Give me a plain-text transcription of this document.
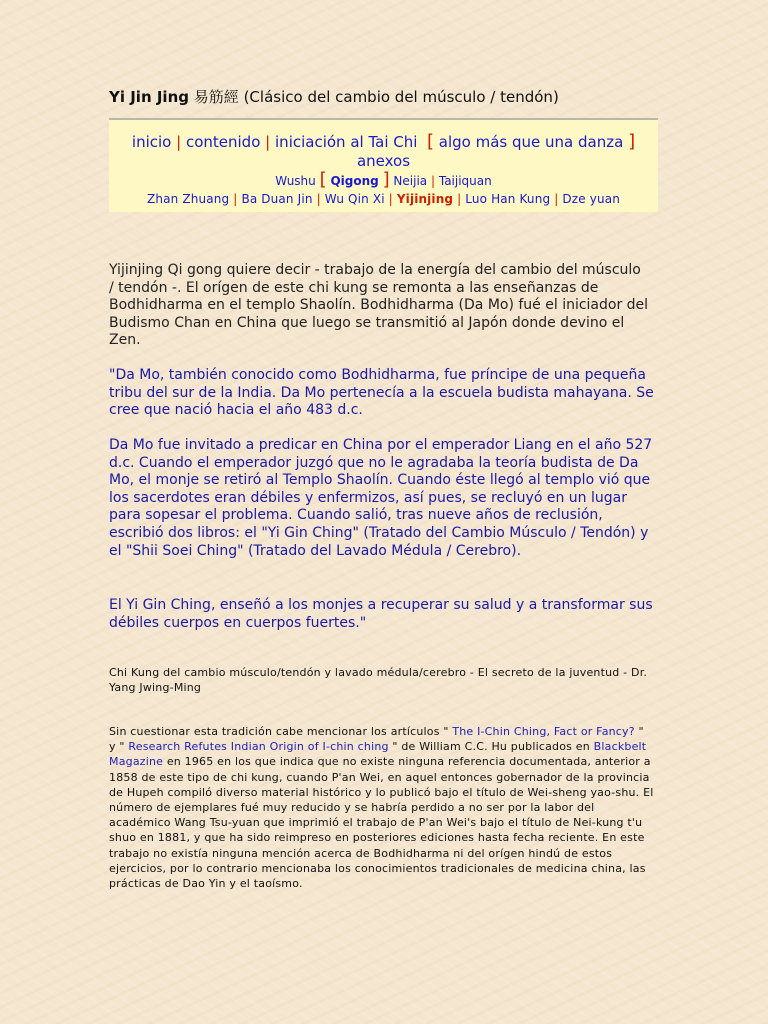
Yi Jin Jing 易筋經 (Clásico del cambio del músculo / tendón)
inicio | contenido | iniciación al Tai Chi [ algo más que una danza ] anexos
Wushu [ Qigong ] Neijia | Taijiquan
Zhan Zhuang | Ba Duan Jin | Wu Qin Xi | Yijinjing | Luo Han Kung | Dze yuan
Yijinjing Qi gong quiere decir - trabajo de la energía del cambio del músculo / tendón -. El orígen de este chi kung se remonta a las enseñanzas de Bodhidharma en el templo Shaolín. Bodhidharma (Da Mo) fué el iniciador del Budismo Chan en China que luego se transmitió al Japón donde devino el Zen.
"Da Mo, también conocido como Bodhidharma, fue príncipe de una pequeña tribu del sur de la India. Da Mo pertenecía a la escuela budista mahayana. Se cree que nació hacia el año 483 d.c.
Da Mo fue invitado a predicar en China por el emperador Liang en el año 527 d.c. Cuando el emperador juzgó que no le agradaba la teoría budista de Da Mo, el monje se retiró al Templo Shaolín. Cuando éste llegó al templo vió que los sacerdotes eran débiles y enfermizos, así pues, se recluyó en un lugar para sopesar el problema. Cuando salió, tras nueve años de reclusión, escribió dos libros: el "Yi Gin Ching" (Tratado del Cambio Músculo / Tendón) y el "Shii Soei Ching" (Tratado del Lavado Médula / Cerebro).
El Yi Gin Ching, enseñó a los monjes a recuperar su salud y a transformar sus débiles cuerpos en cuerpos fuertes."
Chi Kung del cambio músculo/tendón y lavado médula/cerebro - El secreto de la juventud - Dr. Yang Jwing-Ming
Sin cuestionar esta tradición cabe mencionar los artículos " The I-Chin Ching, Fact or Fancy? " y " Research Refutes Indian Origin of I-chin ching " de William C.C. Hu publicados en Blackbelt Magazine en 1965 en los que indica que no existe ninguna referencia documentada, anterior a 1858 de este tipo de chi kung, cuando P'an Wei, en aquel entonces gobernador de la provincia de Hupeh compiló diverso material histórico y lo publicó bajo el título de Wei-sheng yao-shu. El número de ejemplares fué muy reducido y se habría perdido a no ser por la labor del académico Wang Tsu-yuan que imprimió el trabajo de P'an Wei's bajo el título de Nei-kung t'u shuo en 1881, y que ha sido reimpreso en posteriores ediciones hasta fecha reciente. En este trabajo no existía ninguna mención acerca de Bodhidharma ni del orígen hindú de estos ejercicios, por lo contrario mencionaba los conocimientos tradicionales de medicina china, las prácticas de Dao Yin y el taoísmo.
